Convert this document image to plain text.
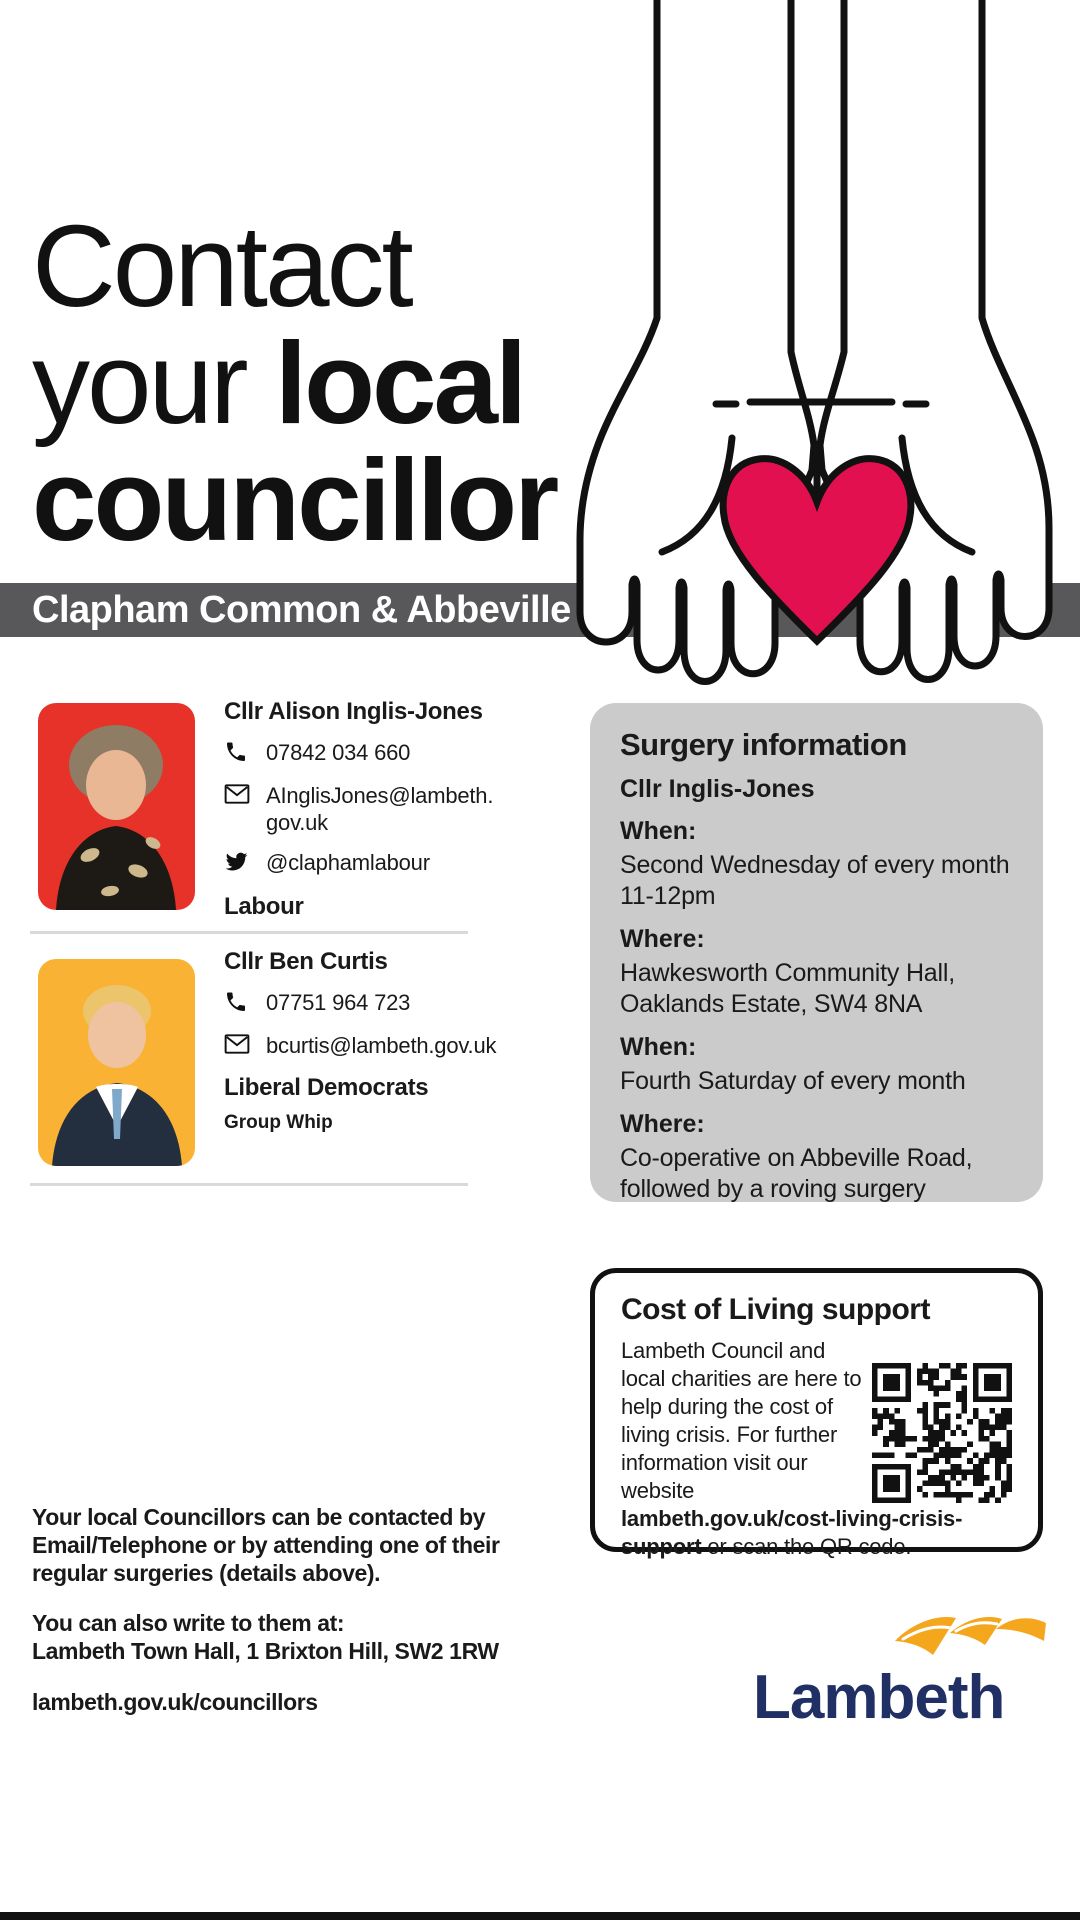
Contact
your local
councillor
Clapham Common & Abbeville
Cllr Alison Inglis-Jones
07842 034 660
AInglisJones@lambeth.
gov.uk
@claphamlabour
Labour
Cllr Ben Curtis
07751 964 723
bcurtis@lambeth.gov.uk
Liberal Democrats
Group Whip
Surgery information
Cllr Inglis-Jones
When:
Second Wednesday of every month 11-12pm
Where:
Hawkesworth Community Hall, Oaklands Estate, SW4 8NA
When:
Fourth Saturday of every month
Where:
Co-operative on Abbeville Road, followed by a roving surgery
Cost of Living support
Lambeth Council and local charities are here to help during the cost of living crisis. For further information visit our website lambeth.gov.uk/cost-living-crisis-support or scan the QR code.
Your local Councillors can be contacted by Email/Telephone or by attending one of their regular surgeries (details above).
You can also write to them at:
Lambeth Town Hall, 1 Brixton Hill, SW2 1RW
lambeth.gov.uk/councillors	Lambeth
